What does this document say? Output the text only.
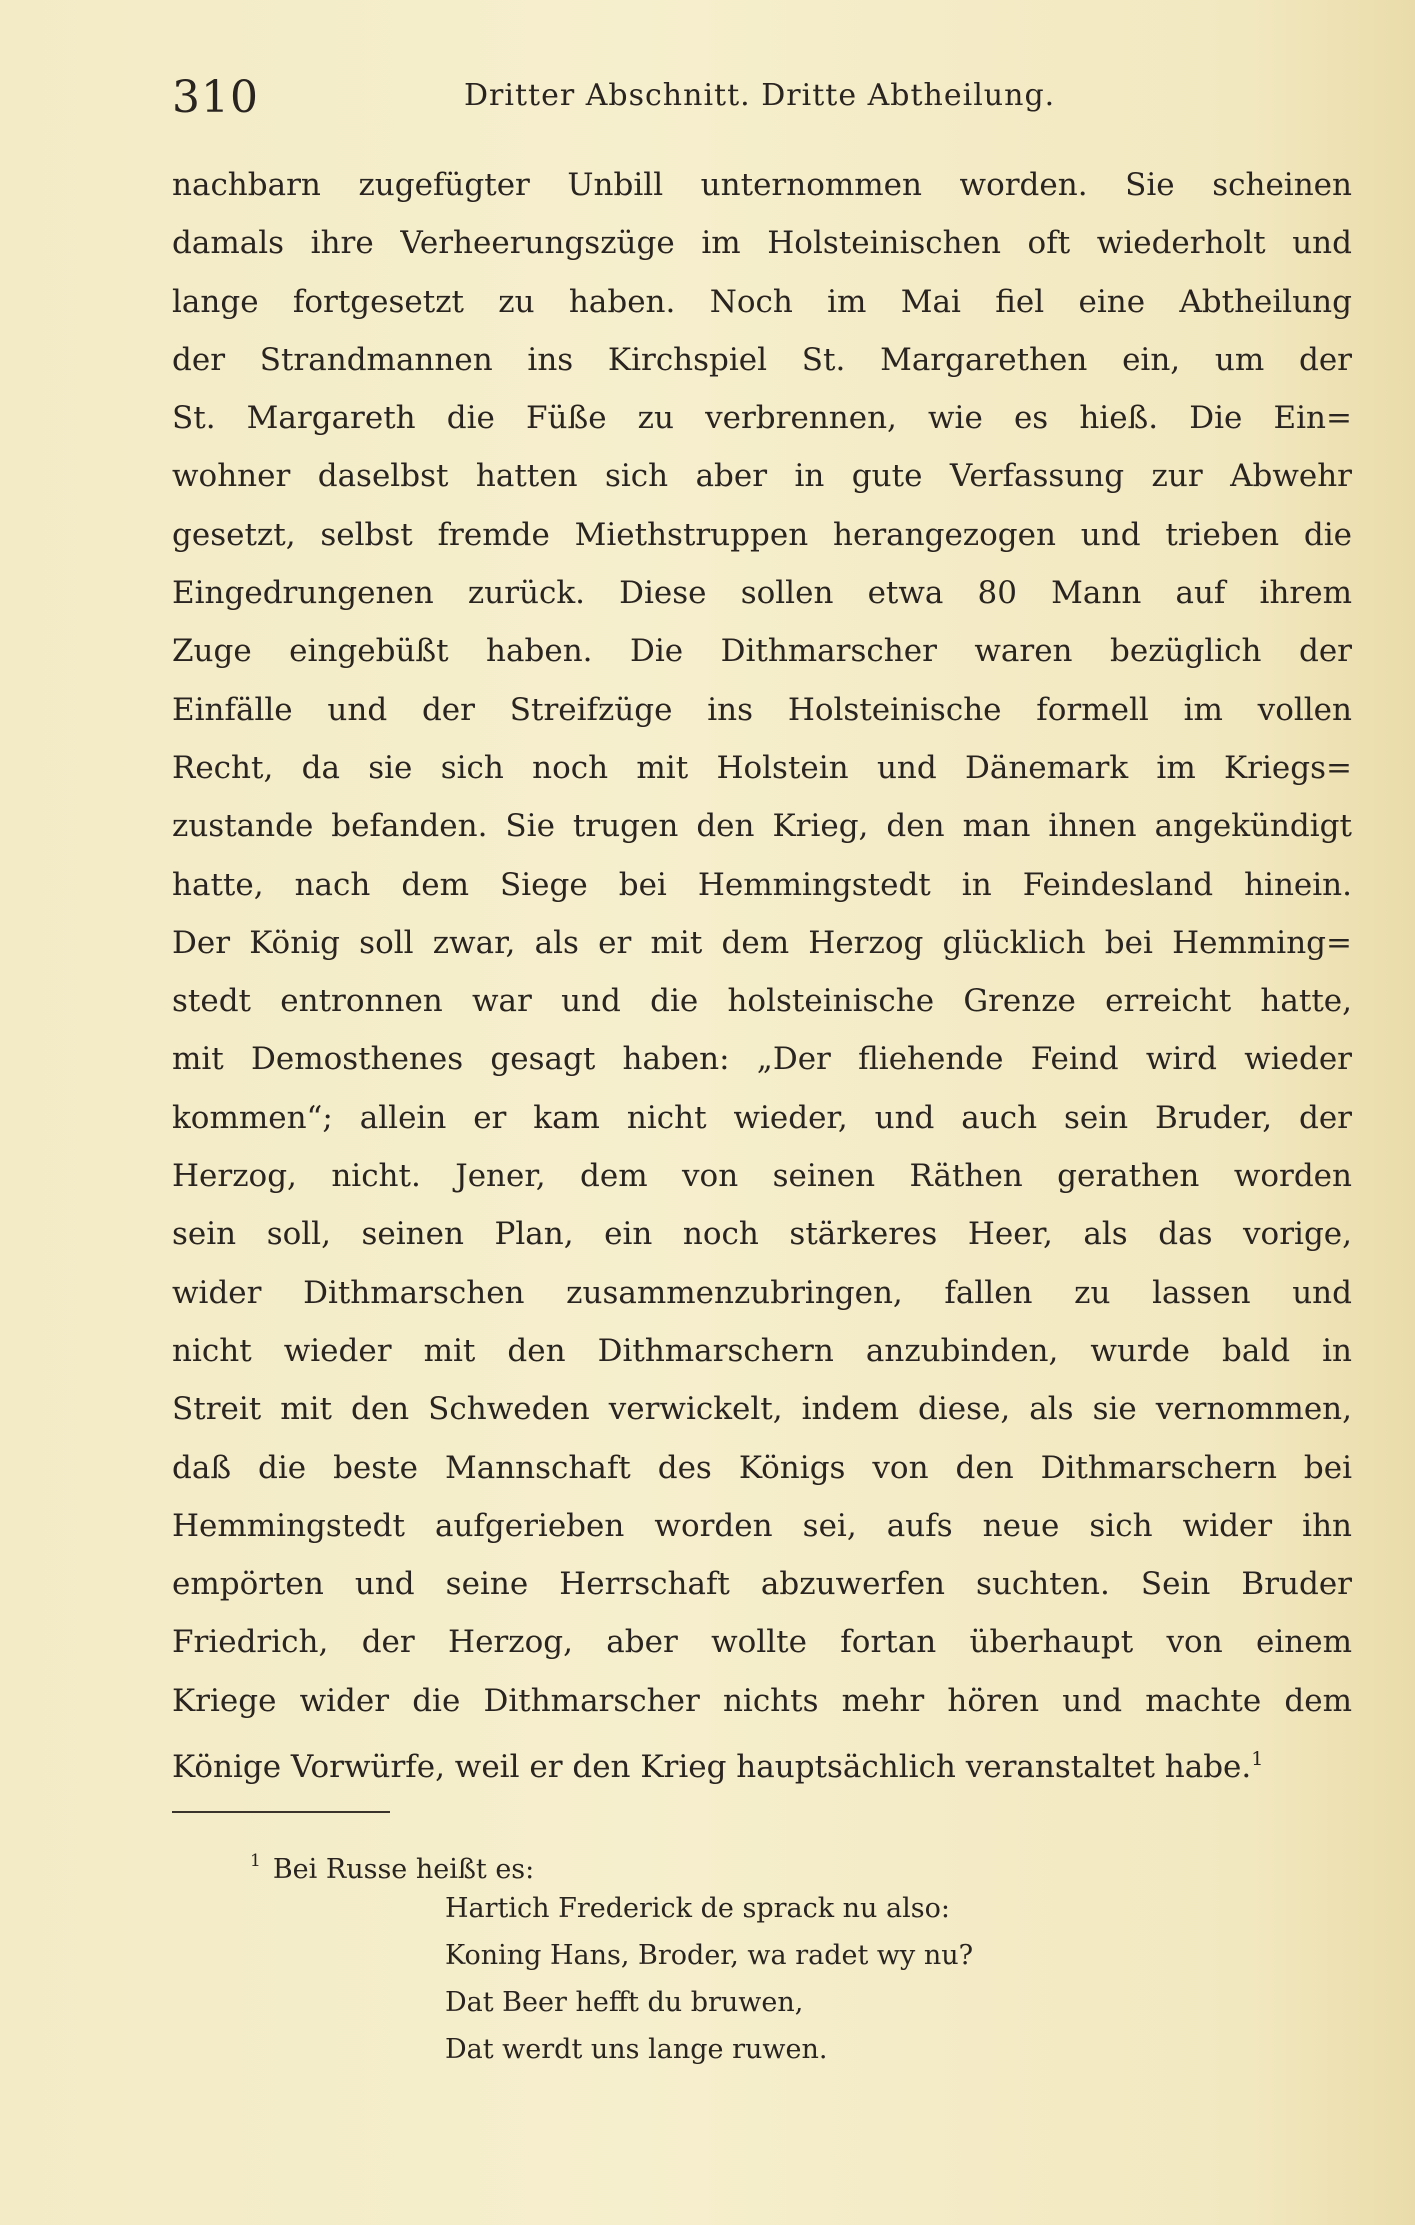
310	Dritter Abschnitt. Dritte Abtheilung.
nachbarn zugefügter Unbill unternommen worden. Sie scheinen
damals ihre Verheerungszüge im Holsteinischen oft wiederholt und
lange fortgesetzt zu haben. Noch im Mai fiel eine Abtheilung
der Strandmannen ins Kirchspiel St. Margarethen ein, um der
St. Margareth die Füße zu verbrennen, wie es hieß. Die Ein=
wohner daselbst hatten sich aber in gute Verfassung zur Abwehr
gesetzt, selbst fremde Miethstruppen herangezogen und trieben die
Eingedrungenen zurück. Diese sollen etwa 80 Mann auf ihrem
Zuge eingebüßt haben. Die Dithmarscher waren bezüglich der
Einfälle und der Streifzüge ins Holsteinische formell im vollen
Recht, da sie sich noch mit Holstein und Dänemark im Kriegs=
zustande befanden. Sie trugen den Krieg, den man ihnen angekündigt
hatte, nach dem Siege bei Hemmingstedt in Feindesland hinein.
Der König soll zwar, als er mit dem Herzog glücklich bei Hemming=
stedt entronnen war und die holsteinische Grenze erreicht hatte,
mit Demosthenes gesagt haben: „Der fliehende Feind wird wieder
kommen“; allein er kam nicht wieder, und auch sein Bruder, der
Herzog, nicht. Jener, dem von seinen Räthen gerathen worden
sein soll, seinen Plan, ein noch stärkeres Heer, als das vorige,
wider Dithmarschen zusammenzubringen, fallen zu lassen und
nicht wieder mit den Dithmarschern anzubinden, wurde bald in
Streit mit den Schweden verwickelt, indem diese, als sie vernommen,
daß die beste Mannschaft des Königs von den Dithmarschern bei
Hemmingstedt aufgerieben worden sei, aufs neue sich wider ihn
empörten und seine Herrschaft abzuwerfen suchten. Sein Bruder
Friedrich, der Herzog, aber wollte fortan überhaupt von einem
Kriege wider die Dithmarscher nichts mehr hören und machte dem
Könige Vorwürfe, weil er den Krieg hauptsächlich veranstaltet habe.$^1$
$^1$ Bei Russe heißt es:
Hartich Frederick de sprack nu also:
Koning Hans, Broder, wa radet wy nu?
Dat Beer hefft du bruwen,
Dat werdt uns lange ruwen.
